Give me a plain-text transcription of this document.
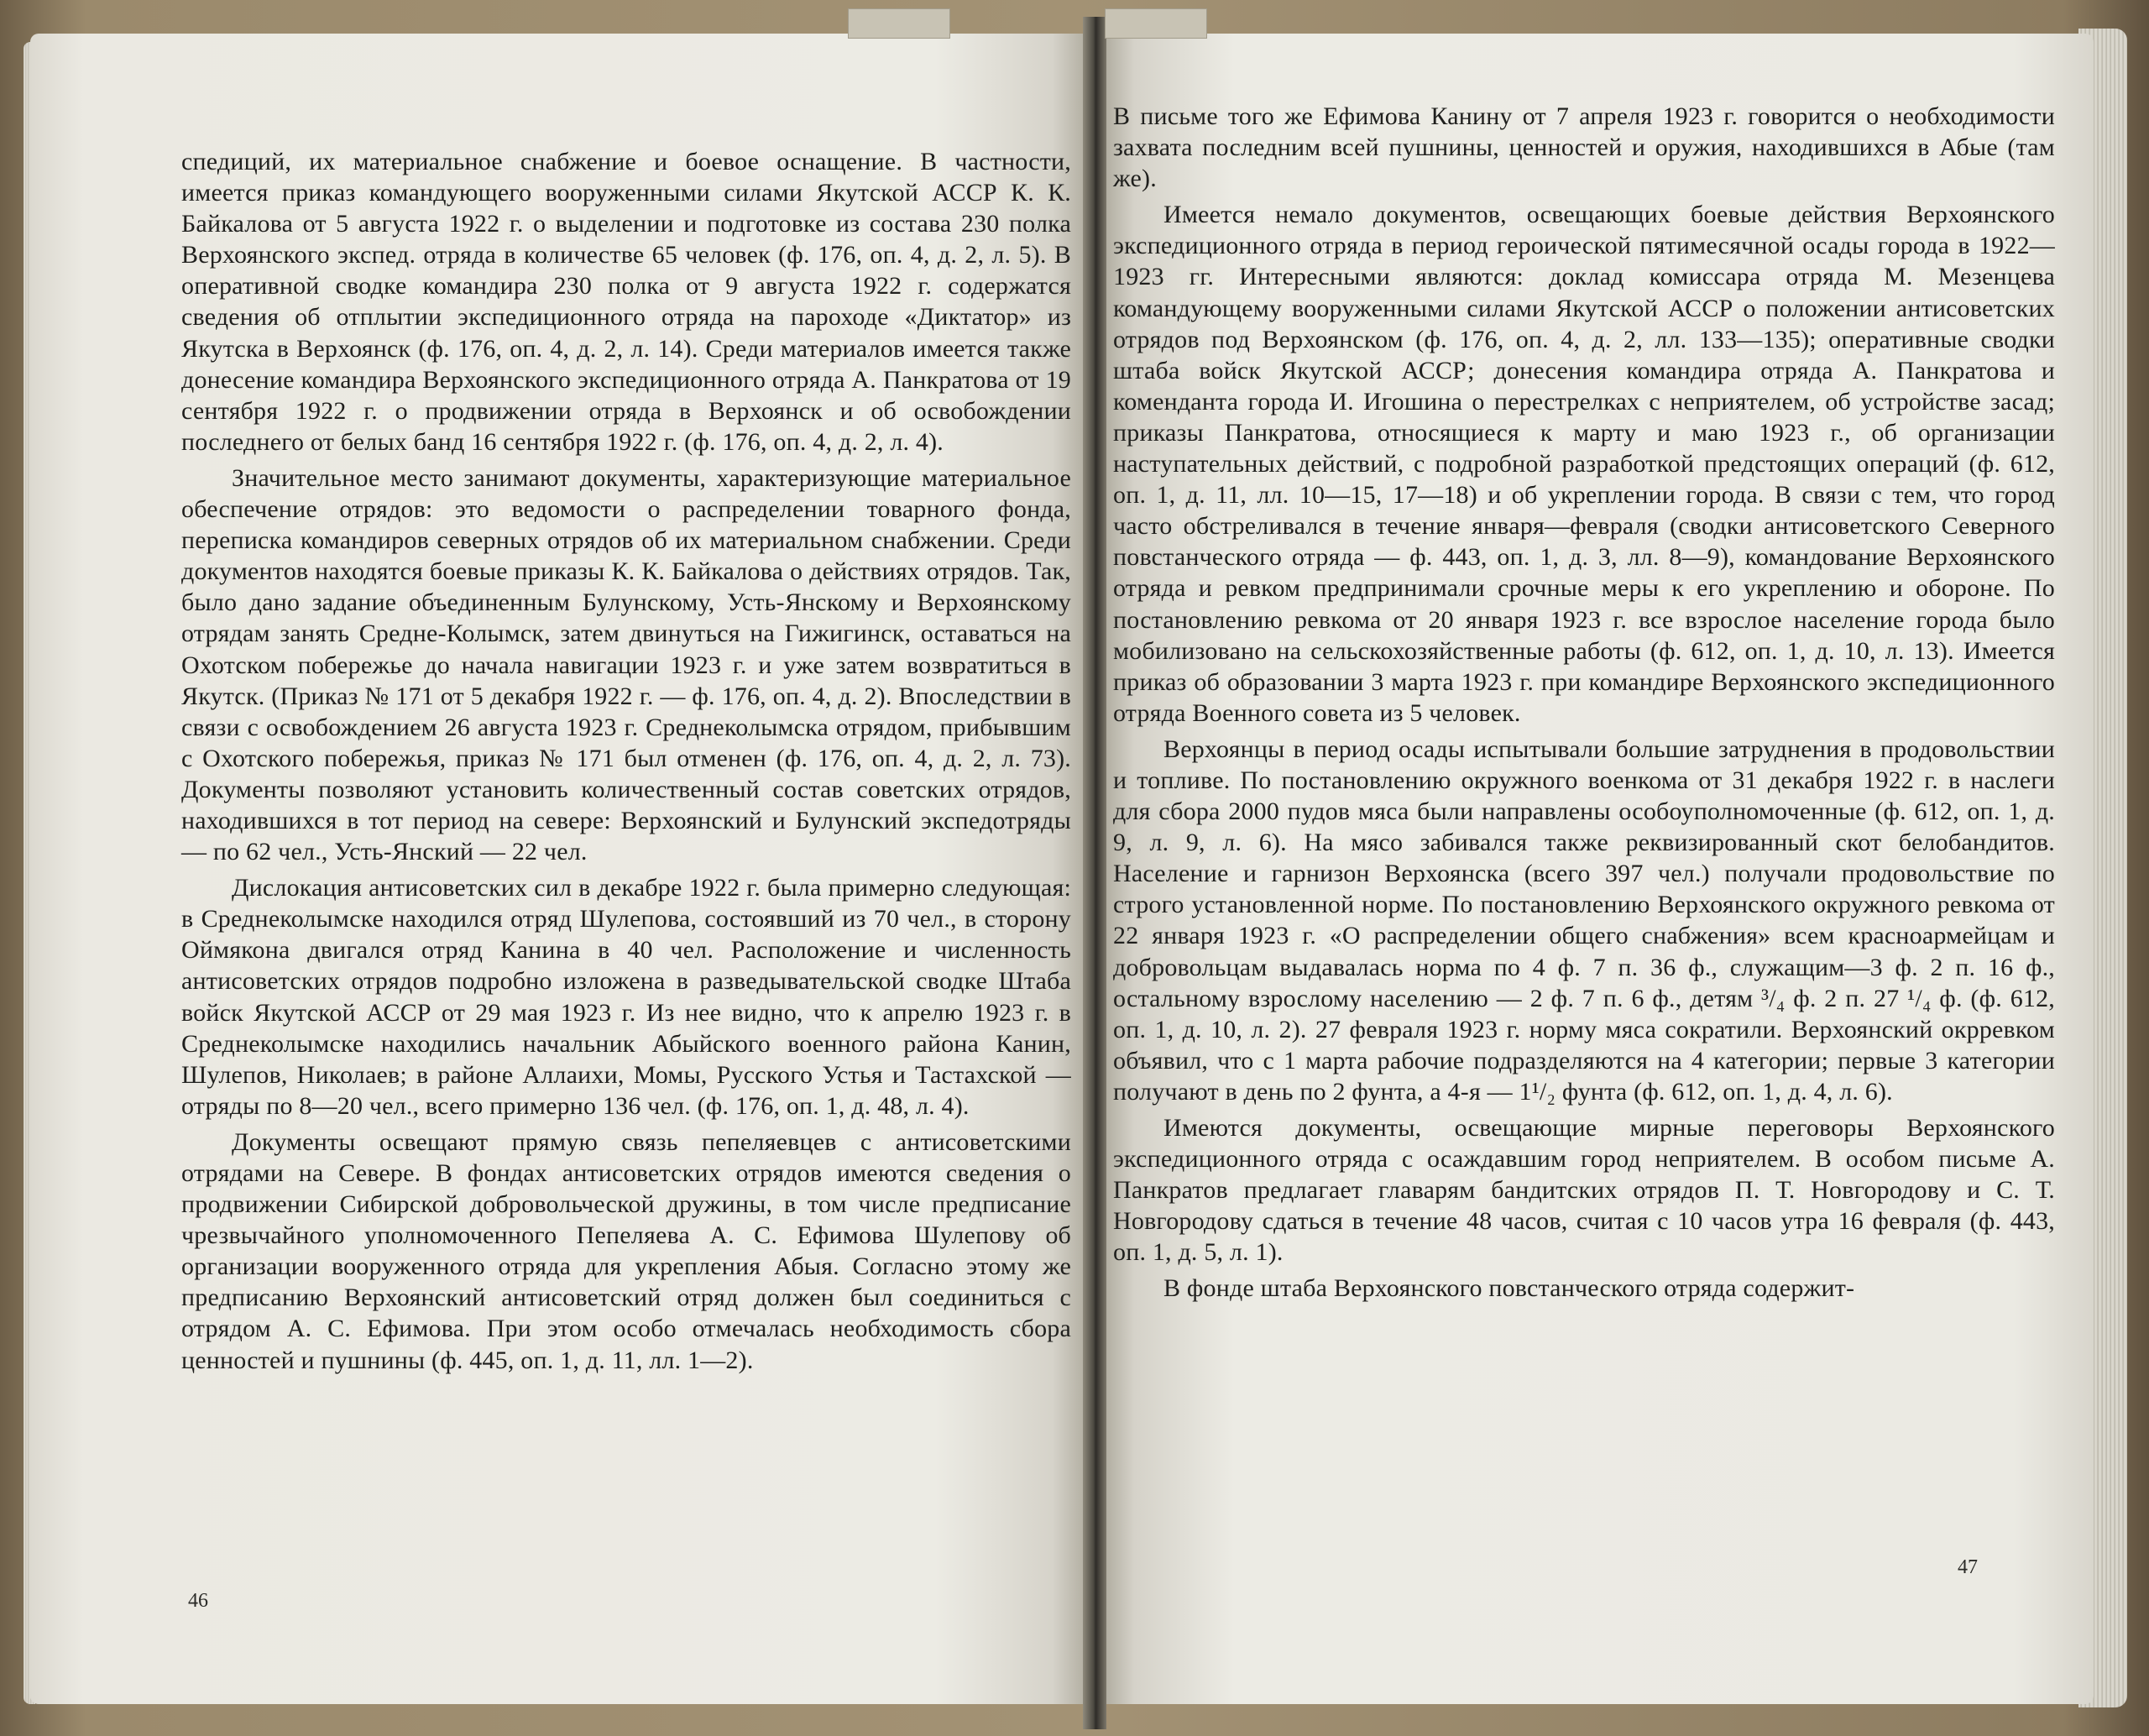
спедиций, их материальное снабжение и боевое оснащение. В частности, имеется приказ командующего вооруженными силами Якутской АССР К. К. Байкалова от 5 августа 1922 г. о выделении и подготовке из состава 230 полка Верхоянского экспед. отряда в количестве 65 человек (ф. 176, оп. 4, д. 2, л. 5). В оперативной сводке командира 230 полка от 9 августа 1922 г. содержатся сведения об отплытии экспедиционного отряда на пароходе «Диктатор» из Якутска в Верхоянск (ф. 176, оп. 4, д. 2, л. 14). Среди материалов имеется также донесение командира Верхоянского экспедиционного отряда А. Панкратова от 19 сентября 1922 г. о продвижении отряда в Верхоянск и об освобождении последнего от белых банд 16 сентября 1922 г. (ф. 176, оп. 4, д. 2, л. 4).

Значительное место занимают документы, характеризующие материальное обеспечение отрядов: это ведомости о распределении товарного фонда, переписка командиров северных отрядов об их материальном снабжении. Среди документов находятся боевые приказы К. К. Байкалова о действиях отрядов. Так, было дано задание объединенным Булунскому, Усть-Янскому и Верхоянскому отрядам занять Средне-Колымск, затем двинуться на Гижигинск, оставаться на Охотском побережье до начала навигации 1923 г. и уже затем возвратиться в Якутск. (Приказ № 171 от 5 декабря 1922 г. — ф. 176, оп. 4, д. 2). Впоследствии в связи с освобождением 26 августа 1923 г. Среднеколымска отрядом, прибывшим с Охотского побережья, приказ № 171 был отменен (ф. 176, оп. 4, д. 2, л. 73). Документы позволяют установить количественный состав советских отрядов, находившихся в тот период на севере: Верхоянский и Булунский экспедотряды — по 62 чел., Усть-Янский — 22 чел.

Дислокация антисоветских сил в декабре 1922 г. была примерно следующая: в Среднеколымске находился отряд Шулепова, состоявший из 70 чел., в сторону Оймякона двигался отряд Канина в 40 чел. Расположение и численность антисоветских отрядов подробно изложена в разведывательской сводке Штаба войск Якутской АССР от 29 мая 1923 г. Из нее видно, что к апрелю 1923 г. в Среднеколымске находились начальник Абыйского военного района Канин, Шулепов, Николаев; в районе Аллаихи, Момы, Русского Устья и Тастахской — отряды по 8—20 чел., всего примерно 136 чел. (ф. 176, оп. 1, д. 48, л. 4).

Документы освещают прямую связь пепеляевцев с антисоветскими отрядами на Севере. В фондах антисоветских отрядов имеются сведения о продвижении Сибирской добровольческой дружины, в том числе предписание чрезвычайного уполномоченного Пепеляева А. С. Ефимова Шулепову об организации вооруженного отряда для укрепления Абыя. Согласно этому же предписанию Верхоянский антисоветский отряд должен был соединиться с отрядом А. С. Ефимова. При этом особо отмечалась необходимость сбора ценностей и пушнины (ф. 445, оп. 1, д. 11, лл. 1—2).

46

В письме того же Ефимова Канину от 7 апреля 1923 г. говорится о необходимости захвата последним всей пушнины, ценностей и оружия, находившихся в Абые (там же).

Имеется немало документов, освещающих боевые действия Верхоянского экспедиционного отряда в период героической пятимесячной осады города в 1922—1923 гг. Интересными являются: доклад комиссара отряда М. Мезенцева командующему вооруженными силами Якутской АССР о положении антисоветских отрядов под Верхоянском (ф. 176, оп. 4, д. 2, лл. 133—135); оперативные сводки штаба войск Якутской АССР; донесения командира отряда А. Панкратова и коменданта города И. Игошина о перестрелках с неприятелем, об устройстве засад; приказы Панкратова, относящиеся к марту и маю 1923 г., об организации наступательных действий, с подробной разработкой предстоящих операций (ф. 612, оп. 1, д. 11, лл. 10—15, 17—18) и об укреплении города. В связи с тем, что город часто обстреливался в течение января—февраля (сводки антисоветского Северного повстанческого отряда — ф. 443, оп. 1, д. 3, лл. 8—9), командование Верхоянского отряда и ревком предпринимали срочные меры к его укреплению и обороне. По постановлению ревкома от 20 января 1923 г. все взрослое население города было мобилизовано на сельскохозяйственные работы (ф. 612, оп. 1, д. 10, л. 13). Имеется приказ об образовании 3 марта 1923 г. при командире Верхоянского экспедиционного отряда Военного совета из 5 человек.

Верхоянцы в период осады испытывали большие затруднения в продовольствии и топливе. По постановлению окружного военкома от 31 декабря 1922 г. в наслеги для сбора 2000 пудов мяса были направлены особоуполномоченные (ф. 612, оп. 1, д. 9, л. 9, л. 6). На мясо забивался также реквизированный скот белобандитов. Население и гарнизон Верхоянска (всего 397 чел.) получали продовольствие по строго установленной норме. По постановлению Верхоянского окружного ревкома от 22 января 1923 г. «О распределении общего снабжения» всем красноармейцам и добровольцам выдавалась норма по 4 ф. 7 п. 36 ф., служащим—3 ф. 2 п. 16 ф., остальному взрослому населению — 2 ф. 7 п. 6 ф., детям ³/₄ ф. 2 п. 27 ¹/₄ ф. (ф. 612, оп. 1, д. 10, л. 2). 27 февраля 1923 г. норму мяса сократили. Верхоянский окрревком объявил, что с 1 марта рабочие подразделяются на 4 категории; первые 3 категории получают в день по 2 фунта, а 4-я — 1¹/₂ фунта (ф. 612, оп. 1, д. 4, л. 6).

Имеются документы, освещающие мирные переговоры Верхоянского экспедиционного отряда с осаждавшим город неприятелем. В особом письме А. Панкратов предлагает главарям бандитских отрядов П. Т. Новгородову и С. Т. Новгородову сдаться в течение 48 часов, считая с 10 часов утра 16 февраля (ф. 443, оп. 1, д. 5, л. 1).

В фонде штаба Верхоянского повстанческого отряда содержит-

47
